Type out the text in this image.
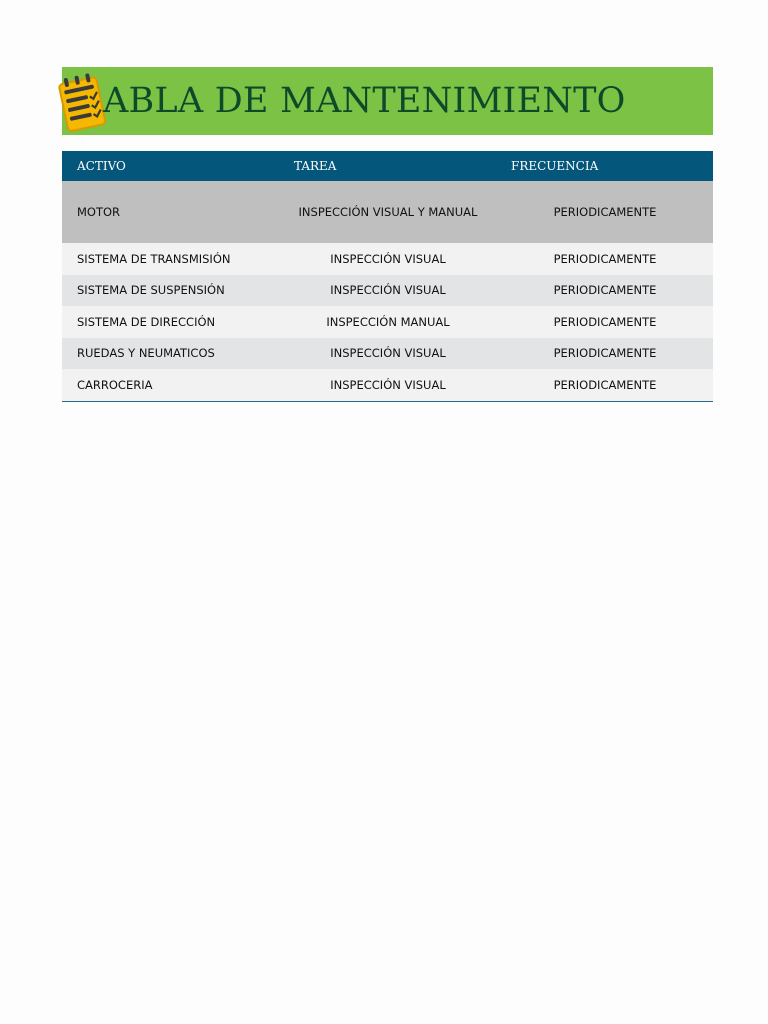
ABLA DE MANTENIMIENTO
ACTIVO	TAREA	FRECUENCIA
MOTOR	INSPECCIÓN VISUAL Y MANUAL	PERIODICAMENTE
SISTEMA DE TRANSMISIÓN	INSPECCIÓN VISUAL	PERIODICAMENTE
SISTEMA DE SUSPENSIÓN	INSPECCIÓN VISUAL	PERIODICAMENTE
SISTEMA DE DIRECCIÓN	INSPECCIÓN MANUAL	PERIODICAMENTE
RUEDAS Y NEUMATICOS	INSPECCIÓN VISUAL	PERIODICAMENTE
CARROCERIA	INSPECCIÓN VISUAL	PERIODICAMENTE
